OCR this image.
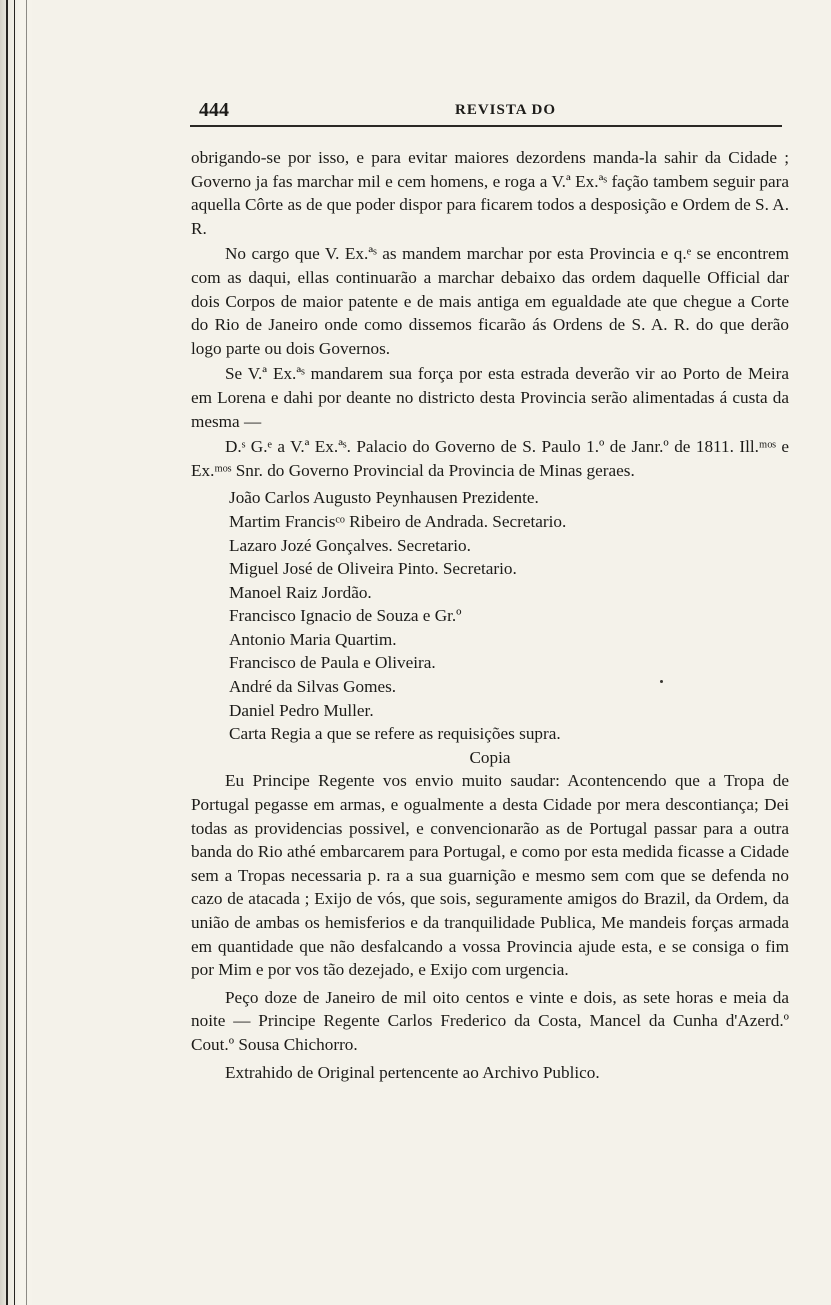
444	REVISTA DO

obrigando-se por isso, e para evitar maiores dezordens manda-la sahir da Cidade ; Governo ja fas marchar mil e cem homens, e roga a V.ª Ex.ªˢ fação tambem seguir para aquella Côrte as de que poder dispor para ficarem todos a desposição e Ordem de S. A. R.

No cargo que V. Ex.ªˢ as mandem marchar por esta Provincia e q.ᵉ se encontrem com as daqui, ellas continuarão a marchar debaixo das ordem daquelle Official dar dois Corpos de maior patente e de mais antiga em egualdade ate que chegue a Corte do Rio de Janeiro onde como dissemos ficarão ás Ordens de S. A. R. do que derão logo parte ou dois Governos.

Se V.ª Ex.ªˢ mandarem sua força por esta estrada deverão vir ao Porto de Meira em Lorena e dahi por deante no districto desta Provincia serão alimentadas á custa da mesma —

D.ˢ G.ᵉ a V.ª Ex.ªˢ. Palacio do Governo de S. Paulo 1.º de Janr.º de 1811. Ill.ᵐᵒˢ e Ex.ᵐᵒˢ Snr. do Governo Provincial da Provincia de Minas geraes.

João Carlos Augusto Peynhausen Prezidente.
Martim Francisᶜᵒ Ribeiro de Andrada. Secretario.
Lazaro Jozé Gonçalves. Secretario.
Miguel José de Oliveira Pinto. Secretario.
Manoel Raiz Jordão.
Francisco Ignacio de Souza e Gr.º
Antonio Maria Quartim.
Francisco de Paula e Oliveira.
André da Silvas Gomes.
Daniel Pedro Muller.
Carta Regia a que se refere as requisições supra.

Copia

Eu Principe Regente vos envio muito saudar: Acontencendo que a Tropa de Portugal pegasse em armas, e ogualmente a desta Cidade por mera descontiança; Dei todas as providencias possivel, e convencionarão as de Portugal passar para a outra banda do Rio athé embarcarem para Portugal, e como por esta medida ficasse a Cidade sem a Tropas necessaria p. ra a sua guarnição e mesmo sem com que se defenda no cazo de atacada ; Exijo de vós, que sois, seguramente amigos do Brazil, da Ordem, da união de ambas os hemisferios e da tranquilidade Publica, Me mandeis forças armada em quantidade que não desfalcando a vossa Provincia ajude esta, e se consiga o fim por Mim e por vos tão dezejado, e Exijo com urgencia.

Peço doze de Janeiro de mil oito centos e vinte e dois, as sete horas e meia da noite — Principe Regente Carlos Frederico da Costa, Mancel da Cunha d'Azerd.º Cout.º Sousa Chichorro.

Extrahido de Original pertencente ao Archivo Publico.
